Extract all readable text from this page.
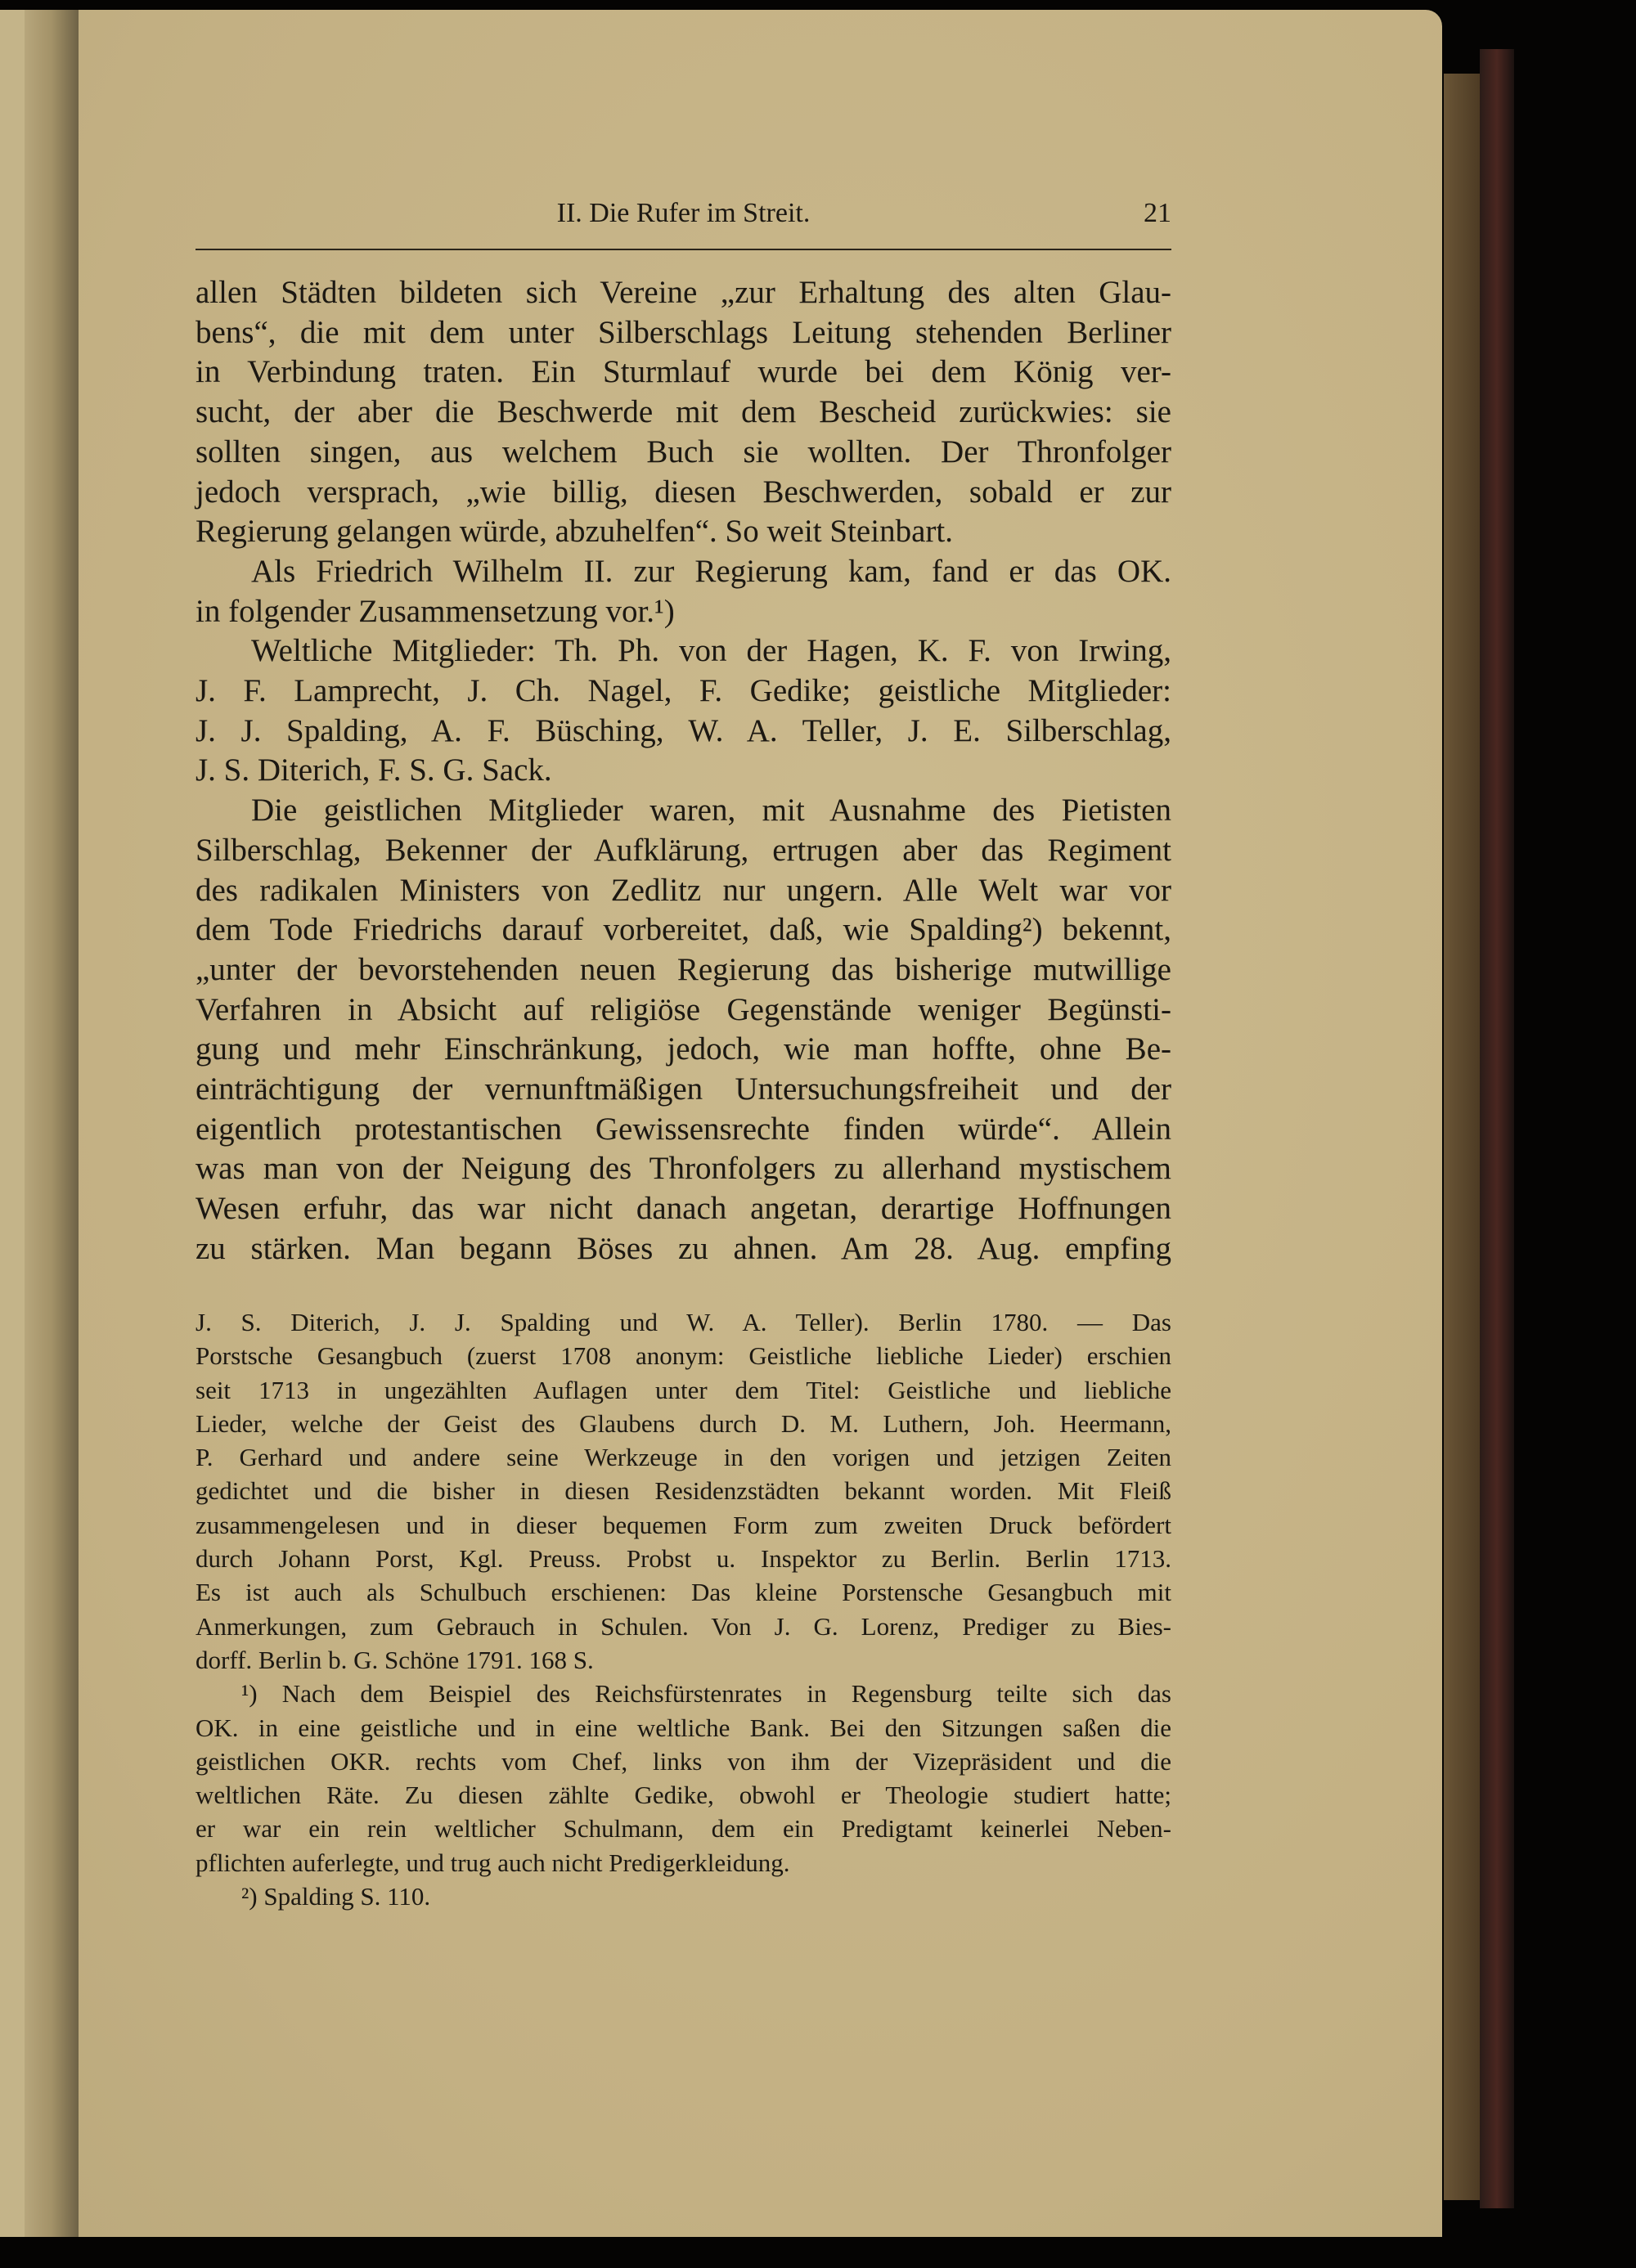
II. Die Rufer im Streit.	21
allen Städten bildeten sich Vereine „zur Erhaltung des alten Glau-
bens“, die mit dem unter Silberschlags Leitung stehenden Berliner
in Verbindung traten. Ein Sturmlauf wurde bei dem König ver-
sucht, der aber die Beschwerde mit dem Bescheid zurückwies: sie
sollten singen, aus welchem Buch sie wollten. Der Thronfolger
jedoch versprach, „wie billig, diesen Beschwerden, sobald er zur
Regierung gelangen würde, abzuhelfen“. So weit Steinbart.
Als Friedrich Wilhelm II. zur Regierung kam, fand er das OK.
in folgender Zusammensetzung vor.¹)
Weltliche Mitglieder: Th. Ph. von der Hagen, K. F. von Irwing,
J. F. Lamprecht, J. Ch. Nagel, F. Gedike; geistliche Mitglieder:
J. J. Spalding, A. F. Büsching, W. A. Teller, J. E. Silberschlag,
J. S. Diterich, F. S. G. Sack.
Die geistlichen Mitglieder waren, mit Ausnahme des Pietisten
Silberschlag, Bekenner der Aufklärung, ertrugen aber das Regiment
des radikalen Ministers von Zedlitz nur ungern. Alle Welt war vor
dem Tode Friedrichs darauf vorbereitet, daß, wie Spalding²) bekennt,
„unter der bevorstehenden neuen Regierung das bisherige mutwillige
Verfahren in Absicht auf religiöse Gegenstände weniger Begünsti-
gung und mehr Einschränkung, jedoch, wie man hoffte, ohne Be-
einträchtigung der vernunftmäßigen Untersuchungsfreiheit und der
eigentlich protestantischen Gewissensrechte finden würde“. Allein
was man von der Neigung des Thronfolgers zu allerhand mystischem
Wesen erfuhr, das war nicht danach angetan, derartige Hoffnungen
zu stärken. Man begann Böses zu ahnen. Am 28. Aug. empfing
J. S. Diterich, J. J. Spalding und W. A. Teller). Berlin 1780. — Das
Porstsche Gesangbuch (zuerst 1708 anonym: Geistliche liebliche Lieder) erschien
seit 1713 in ungezählten Auflagen unter dem Titel: Geistliche und liebliche
Lieder, welche der Geist des Glaubens durch D. M. Luthern, Joh. Heermann,
P. Gerhard und andere seine Werkzeuge in den vorigen und jetzigen Zeiten
gedichtet und die bisher in diesen Residenzstädten bekannt worden. Mit Fleiß
zusammengelesen und in dieser bequemen Form zum zweiten Druck befördert
durch Johann Porst, Kgl. Preuss. Probst u. Inspektor zu Berlin. Berlin 1713.
Es ist auch als Schulbuch erschienen: Das kleine Porstensche Gesangbuch mit
Anmerkungen, zum Gebrauch in Schulen. Von J. G. Lorenz, Prediger zu Bies-
dorff. Berlin b. G. Schöne 1791. 168 S.
¹) Nach dem Beispiel des Reichsfürstenrates in Regensburg teilte sich das
OK. in eine geistliche und in eine weltliche Bank. Bei den Sitzungen saßen die
geistlichen OKR. rechts vom Chef, links von ihm der Vizepräsident und die
weltlichen Räte. Zu diesen zählte Gedike, obwohl er Theologie studiert hatte;
er war ein rein weltlicher Schulmann, dem ein Predigtamt keinerlei Neben-
pflichten auferlegte, und trug auch nicht Predigerkleidung.
²) Spalding S. 110.
